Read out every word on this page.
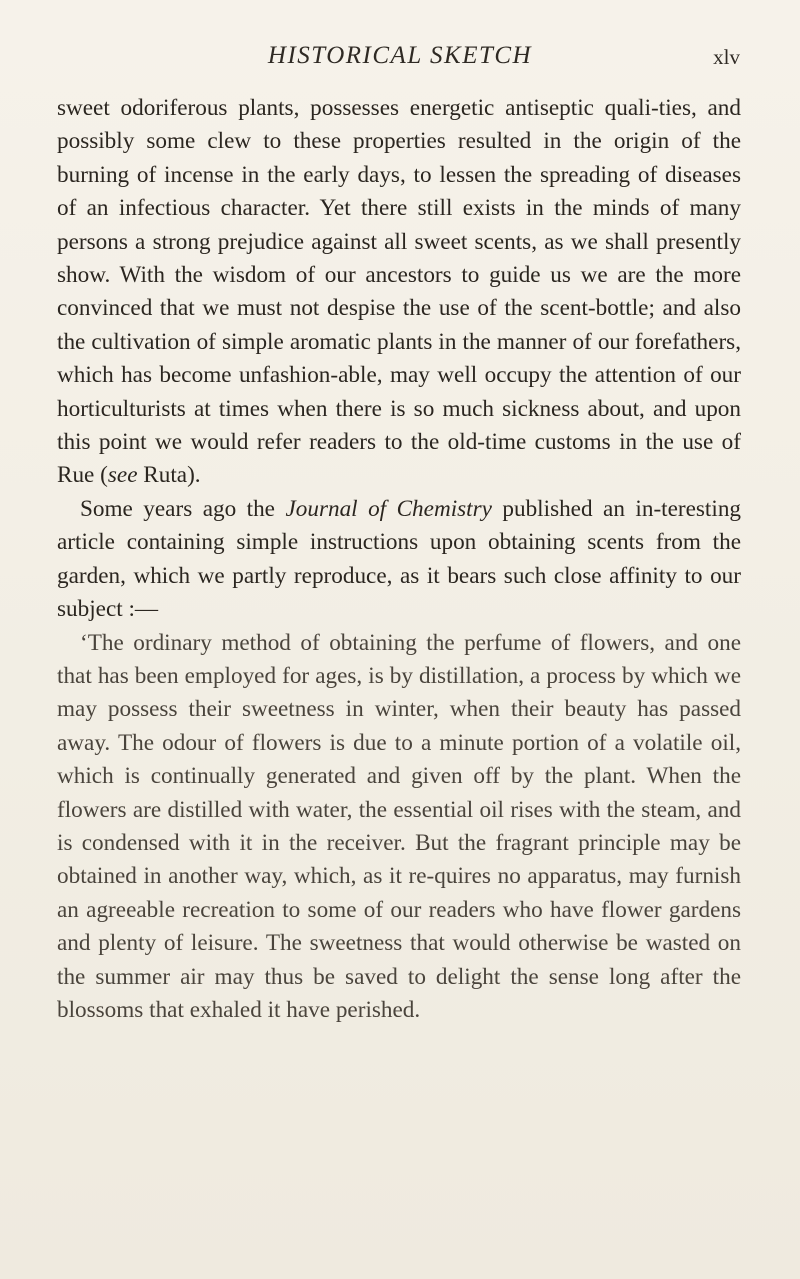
HISTORICAL SKETCH	xlv

sweet odoriferous plants, possesses energetic antiseptic quali-ties, and possibly some clew to these properties resulted in the origin of the burning of incense in the early days, to lessen the spreading of diseases of an infectious character. Yet there still exists in the minds of many persons a strong prejudice against all sweet scents, as we shall presently show. With the wisdom of our ancestors to guide us we are the more convinced that we must not despise the use of the scent-bottle; and also the cultivation of simple aromatic plants in the manner of our forefathers, which has become unfashion-able, may well occupy the attention of our horticulturists at times when there is so much sickness about, and upon this point we would refer readers to the old-time customs in the use of Rue (see Ruta).

Some years ago the Journal of Chemistry published an in-teresting article containing simple instructions upon obtaining scents from the garden, which we partly reproduce, as it bears such close affinity to our subject :—

‘The ordinary method of obtaining the perfume of flowers, and one that has been employed for ages, is by distillation, a process by which we may possess their sweetness in winter, when their beauty has passed away. The odour of flowers is due to a minute portion of a volatile oil, which is continually generated and given off by the plant. When the flowers are distilled with water, the essential oil rises with the steam, and is condensed with it in the receiver. But the fragrant principle may be obtained in another way, which, as it re-quires no apparatus, may furnish an agreeable recreation to some of our readers who have flower gardens and plenty of leisure. The sweetness that would otherwise be wasted on the summer air may thus be saved to delight the sense long after the blossoms that exhaled it have perished.
